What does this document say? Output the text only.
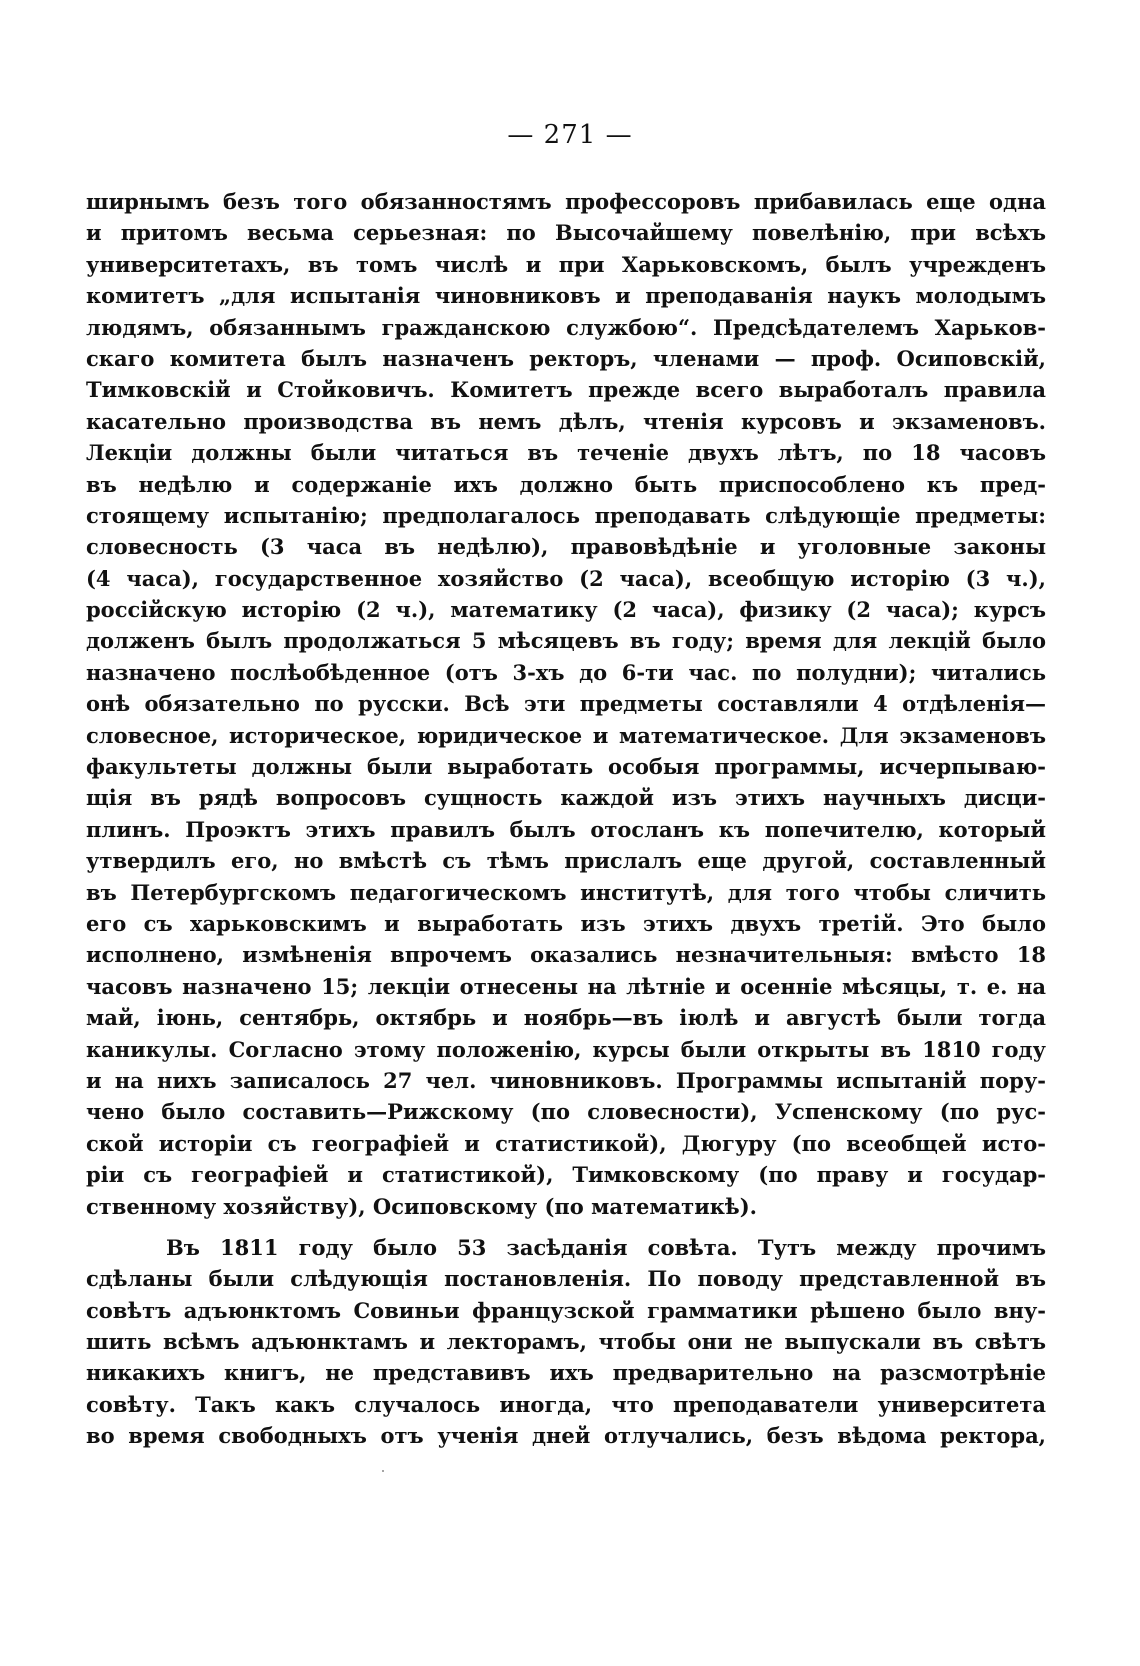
— 271 —
ширнымъ безъ того обязанностямъ профессоровъ прибавилась еще одна
и притомъ весьма серьезная: по Высочайшему повелѣнію, при всѣхъ
университетахъ, въ томъ числѣ и при Харьковскомъ, былъ учрежденъ
комитетъ „для испытанія чиновниковъ и преподаванія наукъ молодымъ
людямъ, обязаннымъ гражданскою службою“. Предсѣдателемъ Харьков-
скаго комитета былъ назначенъ ректоръ, членами — проф. Осиповскій,
Тимковскій и Стойковичъ. Комитетъ прежде всего выработалъ правила
касательно производства въ немъ дѣлъ, чтенія курсовъ и экзаменовъ.
Лекціи должны были читаться въ теченіе двухъ лѣтъ, по 18 часовъ
въ недѣлю и содержаніе ихъ должно быть приспособлено къ пред-
стоящему испытанію; предполагалось преподавать слѣдующіе предметы:
словесность (3 часа въ недѣлю), правовѣдѣніе и уголовные законы
(4 часа), государственное хозяйство (2 часа), всеобщую исторію (3 ч.),
россійскую исторію (2 ч.), математику (2 часа), физику (2 часа); курсъ
долженъ былъ продолжаться 5 мѣсяцевъ въ году; время для лекцій было
назначено послѣобѣденное (отъ 3-хъ до 6-ти час. по полудни); читались
онѣ обязательно по русски. Всѣ эти предметы составляли 4 отдѣленія—
словесное, историческое, юридическое и математическое. Для экзаменовъ
факультеты должны были выработать особыя программы, исчерпываю-
щія въ рядѣ вопросовъ сущность каждой изъ этихъ научныхъ дисци-
плинъ. Проэктъ этихъ правилъ былъ отосланъ къ попечителю, который
утвердилъ его, но вмѣстѣ съ тѣмъ прислалъ еще другой, составленный
въ Петербургскомъ педагогическомъ институтѣ, для того чтобы сличить
его съ харьковскимъ и выработать изъ этихъ двухъ третій. Это было
исполнено, измѣненія впрочемъ оказались незначительныя: вмѣсто 18
часовъ назначено 15; лекціи отнесены на лѣтніе и осенніе мѣсяцы, т. е. на
май, іюнь, сентябрь, октябрь и ноябрь—въ іюлѣ и августѣ были тогда
каникулы. Согласно этому положенію, курсы были открыты въ 1810 году
и на нихъ записалось 27 чел. чиновниковъ. Программы испытаній пору-
чено было составить—Рижскому (по словесности), Успенскому (по рус-
ской исторіи съ географіей и статистикой), Дюгуру (по всеобщей исто-
ріи съ географіей и статистикой), Тимковскому (по праву и государ-
ственному хозяйству), Осиповскому (по математикѣ).
Въ 1811 году было 53 засѣданія совѣта. Тутъ между прочимъ
сдѣланы были слѣдующія постановленія. По поводу представленной въ
совѣтъ адъюнктомъ Совиньи французской грамматики рѣшено было вну-
шить всѣмъ адъюнктамъ и лекторамъ, чтобы они не выпускали въ свѣтъ
никакихъ книгъ, не представивъ ихъ предварительно на разсмотрѣніе
совѣту. Такъ какъ случалось иногда, что преподаватели университета
во время свободныхъ отъ ученія дней отлучались, безъ вѣдома ректора,
